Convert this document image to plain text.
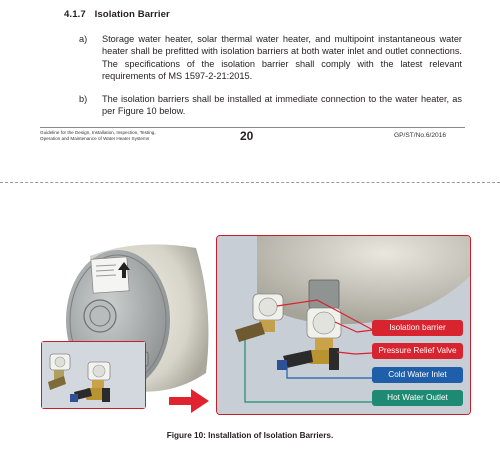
4.1.7 Isolation Barrier
a) Storage water heater, solar thermal water heater, and multipoint instantaneous water heater shall be prefitted with isolation barriers at both water inlet and outlet connections. The specifications of the isolation barrier shall comply with the latest relevant requirements of MS 1597-2-21:2015.
b) The isolation barriers shall be installed at immediate connection to the water heater, as per Figure 10 below.
Guideline for the Design, Installation, Inspection, Testing,
Operation and Maintenance of Water Heater Systems	20	GP/ST/No.6/2016
Isolation barrier
Pressure Relief Valve
Cold Water Inlet
Hot Water Outlet
Figure 10: Installation of Isolation Barriers.
